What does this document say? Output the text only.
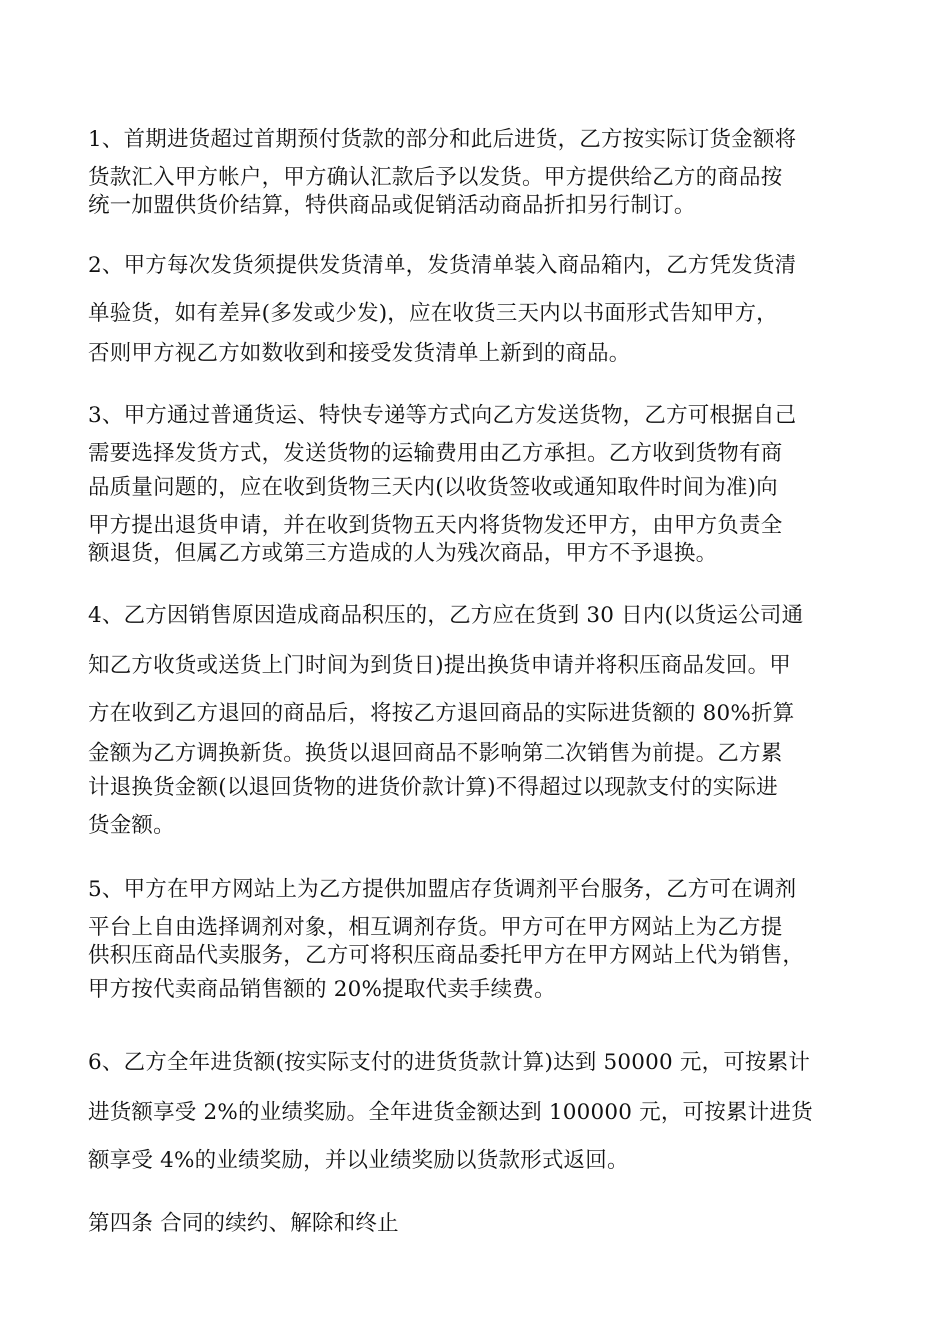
1、首期进货超过首期预付货款的部分和此后进货，乙方按实际订货金额将
货款汇入甲方帐户，甲方确认汇款后予以发货。甲方提供给乙方的商品按
统一加盟供货价结算，特供商品或促销活动商品折扣另行制订。
2、甲方每次发货须提供发货清单，发货清单装入商品箱内，乙方凭发货清
单验货，如有差异(多发或少发)，应在收货三天内以书面形式告知甲方，
否则甲方视乙方如数收到和接受发货清单上新到的商品。
3、甲方通过普通货运、特快专递等方式向乙方发送货物，乙方可根据自己
需要选择发货方式，发送货物的运输费用由乙方承担。乙方收到货物有商
品质量问题的，应在收到货物三天内(以收货签收或通知取件时间为准)向
甲方提出退货申请，并在收到货物五天内将货物发还甲方，由甲方负责全
额退货，但属乙方或第三方造成的人为残次商品，甲方不予退换。
4、乙方因销售原因造成商品积压的，乙方应在货到 30 日内(以货运公司通
知乙方收货或送货上门时间为到货日)提出换货申请并将积压商品发回。甲
方在收到乙方退回的商品后，将按乙方退回商品的实际进货额的 80%折算
金额为乙方调换新货。换货以退回商品不影响第二次销售为前提。乙方累
计退换货金额(以退回货物的进货价款计算)不得超过以现款支付的实际进
货金额。
5、甲方在甲方网站上为乙方提供加盟店存货调剂平台服务，乙方可在调剂
平台上自由选择调剂对象，相互调剂存货。甲方可在甲方网站上为乙方提
供积压商品代卖服务，乙方可将积压商品委托甲方在甲方网站上代为销售，
甲方按代卖商品销售额的 20%提取代卖手续费。
6、乙方全年进货额(按实际支付的进货货款计算)达到 50000 元，可按累计
进货额享受 2%的业绩奖励。全年进货金额达到 100000 元，可按累计进货
额享受 4%的业绩奖励，并以业绩奖励以货款形式返回。
第四条 合同的续约、解除和终止
